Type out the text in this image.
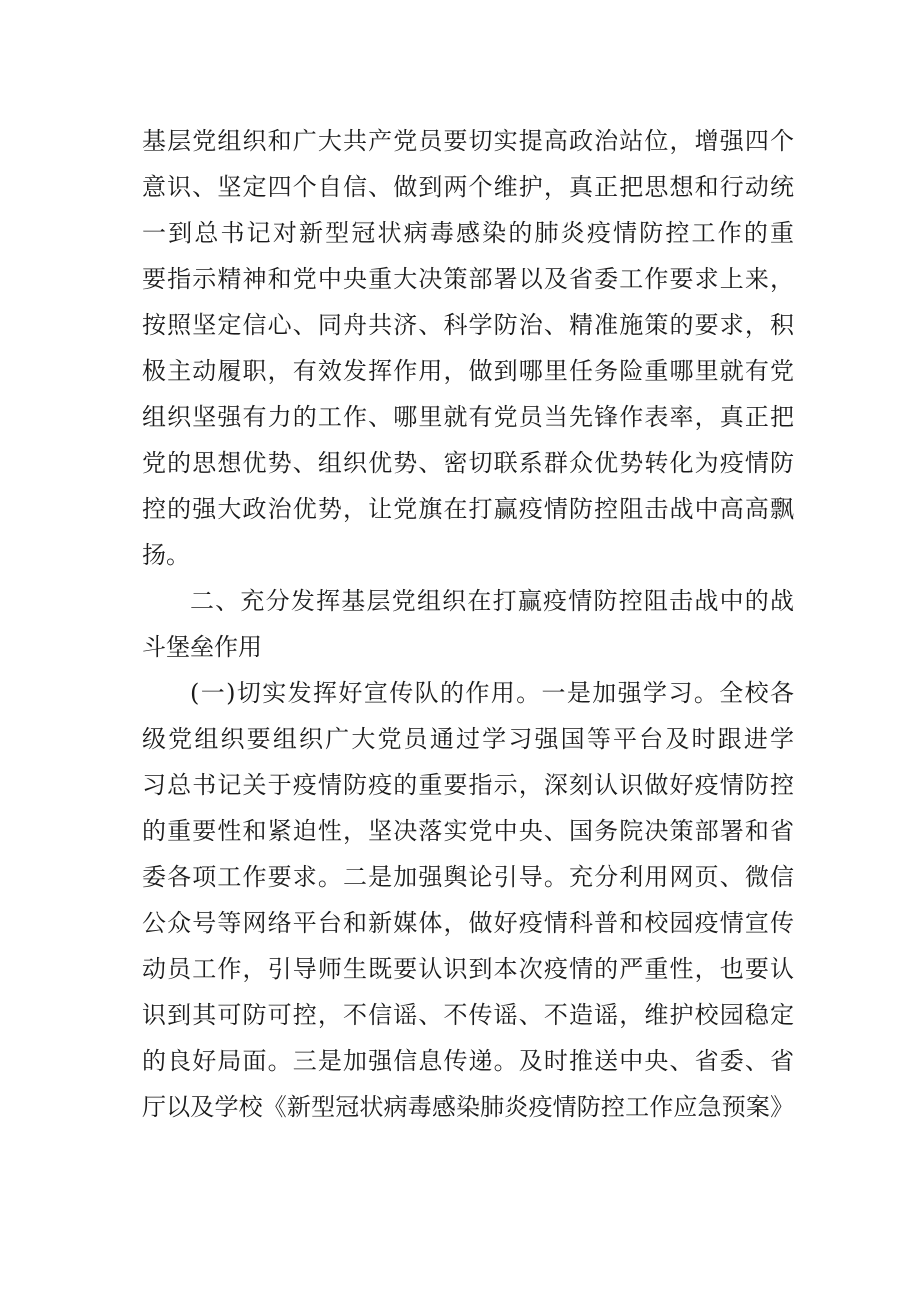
基层党组织和广大共产党员要切实提高政治站位，增强四个
意识、坚定四个自信、做到两个维护，真正把思想和行动统
一到总书记对新型冠状病毒感染的肺炎疫情防控工作的重
要指示精神和党中央重大决策部署以及省委工作要求上来，
按照坚定信心、同舟共济、科学防治、精准施策的要求，积
极主动履职，有效发挥作用，做到哪里任务险重哪里就有党
组织坚强有力的工作、哪里就有党员当先锋作表率，真正把
党的思想优势、组织优势、密切联系群众优势转化为疫情防
控的强大政治优势，让党旗在打赢疫情防控阻击战中高高飘
扬。
二、充分发挥基层党组织在打赢疫情防控阻击战中的战
斗堡垒作用
(一)切实发挥好宣传队的作用。一是加强学习。全校各
级党组织要组织广大党员通过学习强国等平台及时跟进学
习总书记关于疫情防疫的重要指示，深刻认识做好疫情防控
的重要性和紧迫性，坚决落实党中央、国务院决策部署和省
委各项工作要求。二是加强舆论引导。充分利用网页、微信
公众号等网络平台和新媒体，做好疫情科普和校园疫情宣传
动员工作，引导师生既要认识到本次疫情的严重性，也要认
识到其可防可控，不信谣、不传谣、不造谣，维护校园稳定
的良好局面。三是加强信息传递。及时推送中央、省委、省
厅以及学校《新型冠状病毒感染肺炎疫情防控工作应急预案》
